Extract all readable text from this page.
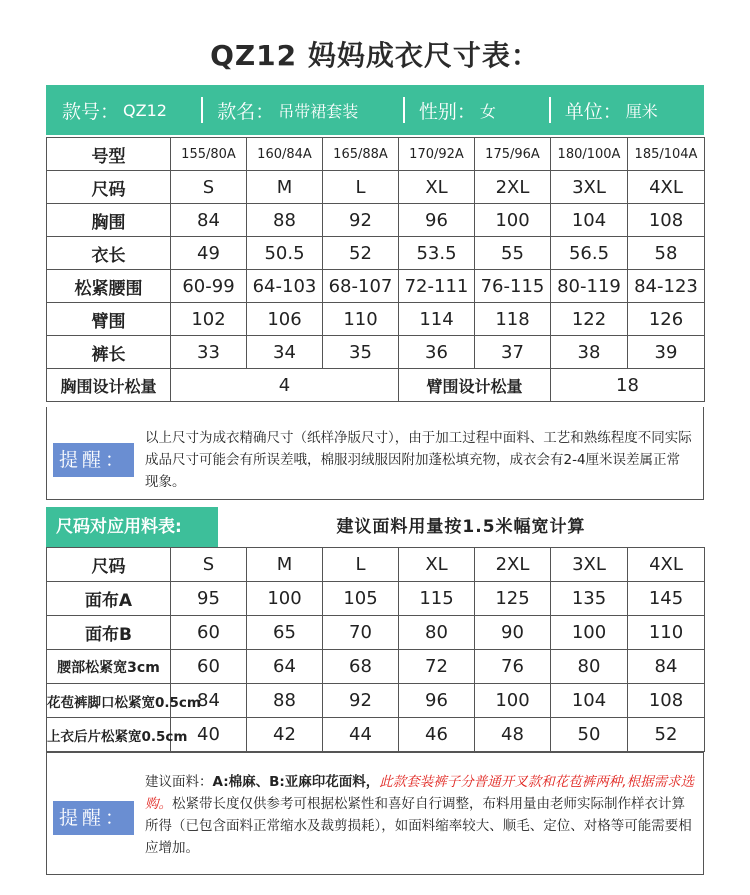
QZ12 妈妈成衣尺寸表：
款号： QZ12	款名： 吊带裙套装	性别： 女	单位： 厘米
号型	155/80A	160/84A	165/88A	170/92A	175/96A	180/100A	185/104A
尺码	S	M	L	XL	2XL	3XL	4XL
胸围	84	88	92	96	100	104	108
衣长	49	50.5	52	53.5	55	56.5	58
松紧腰围	60-99	64-103	68-107	72-111	76-115	80-119	84-123
臂围	102	106	110	114	118	122	126
裤长	33	34	35	36	37	38	39
胸围设计松量	4			臂围设计松量		18	
提醒：
以上尺寸为成衣精确尺寸（纸样净版尺寸），由于加工过程中面料、工艺和熟练程度不同实际成品尺寸可能会有所误差哦，棉服羽绒服因附加蓬松填充物，成衣会有2-4厘米误差属正常现象。
尺码对应用料表:	建议面料用量按1.5米幅宽计算
尺码	S	M	L	XL	2XL	3XL	4XL
面布A	95	100	105	115	125	135	145
面布B	60	65	70	80	90	100	110
腰部松紧宽3cm	60	64	68	72	76	80	84
花苞裤脚口松紧宽0.5cm	84	88	92	96	100	104	108
上衣后片松紧宽0.5cm	40	42	44	46	48	50	52
提醒：
建议面料：A:棉麻、B:亚麻印花面料，此款套装裤子分普通开叉款和花苞裤两种,根据需求选购。松紧带长度仅供参考可根据松紧性和喜好自行调整，布料用量由老师实际制作样衣计算所得（已包含面料正常缩水及裁剪损耗），如面料缩率较大、顺毛、定位、对格等可能需要相应增加。
